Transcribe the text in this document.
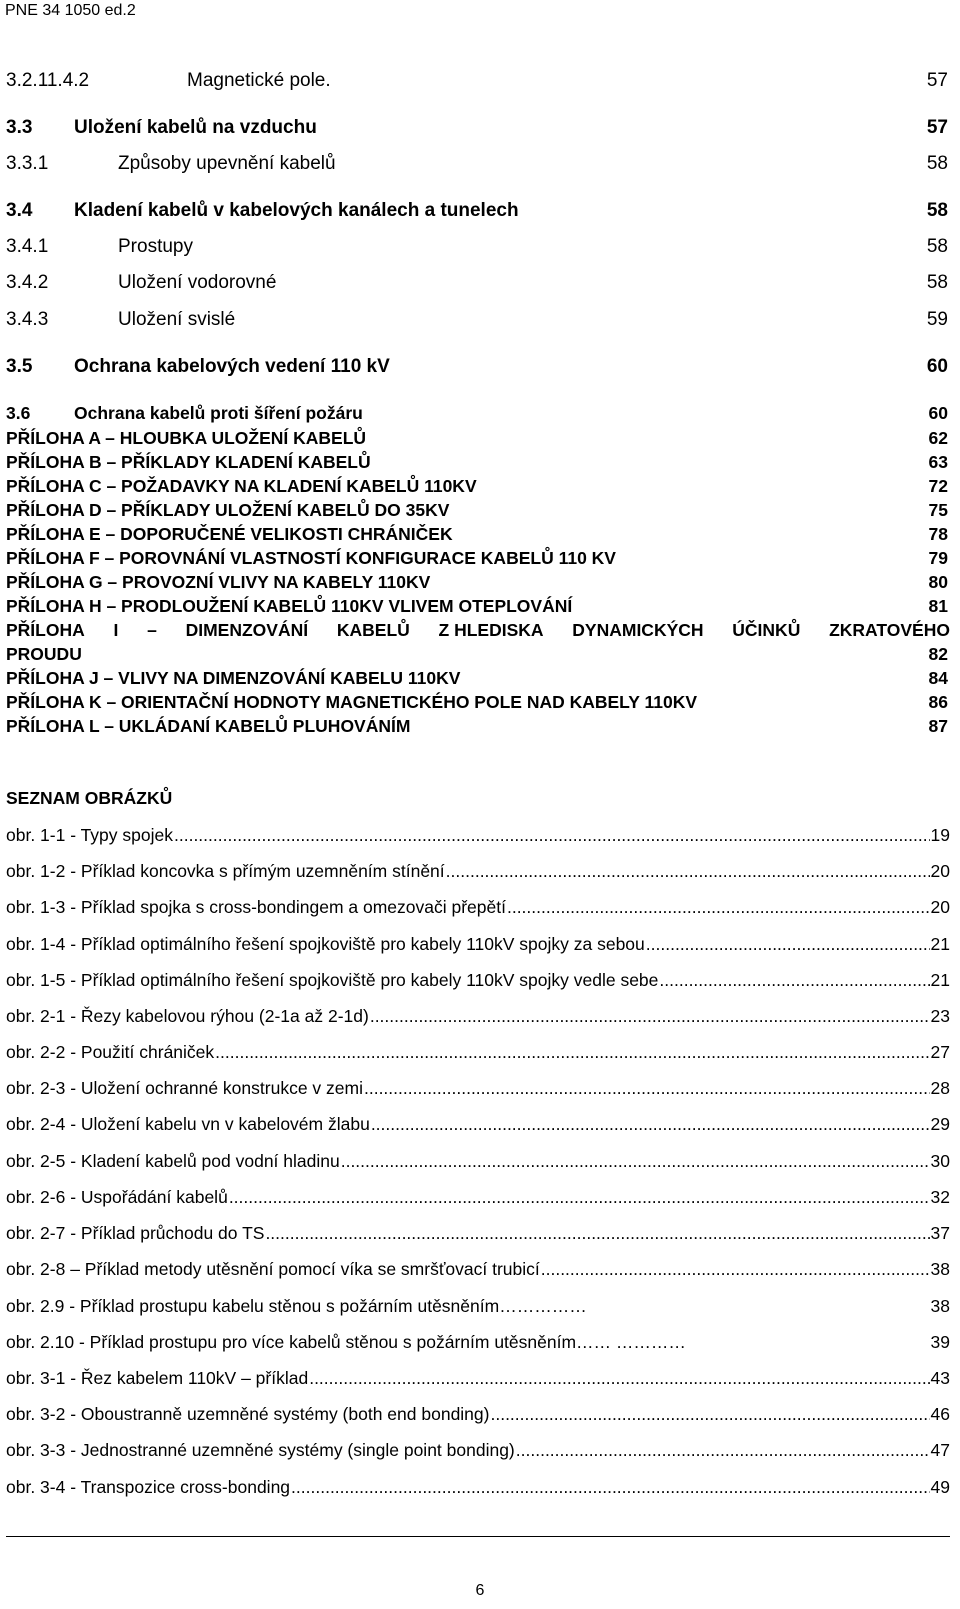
PNE 34 1050 ed.2
3.2.11.4.2	Magnetické pole.	57
3.3 Uložení kabelů na vzduchu	57
3.3.1	Způsoby upevnění kabelů	58
3.4 Kladení kabelů v kabelových kanálech a tunelech	58
3.4.1	Prostupy	58
3.4.2	Uložení vodorovné	58
3.4.3	Uložení svislé	59
3.5 Ochrana kabelových vedení 110 kV	60
3.6 Ochrana kabelů proti šíření požáru	60
PŘÍLOHA A – HLOUBKA ULOŽENÍ KABELŮ	62
PŘÍLOHA B – PŘÍKLADY KLADENÍ KABELŮ	63
PŘÍLOHA C – POŽADAVKY NA KLADENÍ KABELŮ 110KV	72
PŘÍLOHA D – PŘÍKLADY ULOŽENÍ KABELŮ DO 35KV	75
PŘÍLOHA E – DOPORUČENÉ VELIKOSTI CHRÁNIČEK	78
PŘÍLOHA F – POROVNÁNÍ VLASTNOSTÍ KONFIGURACE KABELŮ 110 KV	79
PŘÍLOHA G – PROVOZNÍ VLIVY NA KABELY 110KV	80
PŘÍLOHA H – PRODLOUŽENÍ KABELŮ 110KV VLIVEM OTEPLOVÁNÍ	81
PŘÍLOHA I – DIMENZOVÁNÍ KABELŮ Z HLEDISKA DYNAMICKÝCH ÚČINKŮ ZKRATOVÉHO
PROUDU	82
PŘÍLOHA J – VLIVY NA DIMENZOVÁNÍ KABELU 110KV	84
PŘÍLOHA K – ORIENTAČNÍ HODNOTY MAGNETICKÉHO POLE NAD KABELY 110KV	86
PŘÍLOHA L – UKLÁDANÍ KABELŮ PLUHOVÁNÍM	87
SEZNAM OBRÁZKŮ
obr. 1-1 - Typy spojek .....	19
obr. 1-2 - Příklad koncovka s přímým uzemněním stínění .....	20
obr. 1-3 - Příklad spojka s cross-bondingem a omezovači přepětí .....	20
obr. 1-4 - Příklad optimálního řešení spojkoviště pro kabely 110kV spojky za sebou .....	21
obr. 1-5 - Příklad optimálního řešení spojkoviště pro kabely 110kV spojky vedle sebe .....	21
obr. 2-1 - Řezy kabelovou rýhou (2-1a až 2-1d) .....	23
obr. 2-2 - Použití chrániček .....	27
obr. 2-3 - Uložení ochranné konstrukce v zemi .....	28
obr. 2-4 - Uložení kabelu vn v kabelovém žlabu .....	29
obr. 2-5 - Kladení kabelů pod vodní hladinu .....	30
obr. 2-6 - Uspořádání kabelů .....	32
obr. 2-7 - Příklad průchodu do TS .....	37
obr. 2-8 – Příklad metody utěsnění pomocí víka se smršťovací trubicí .....	38
obr. 2.9 - Příklad prostupu kabelu stěnou s požárním utěsněním……………	38
obr. 2.10 - Příklad prostupu pro více kabelů stěnou s požárním utěsněním…… …………	39
obr. 3-1 - Řez kabelem 110kV – příklad .....	43
obr. 3-2 - Oboustranně uzemněné systémy (both end bonding) .....	46
obr. 3-3 - Jednostranné uzemněné systémy (single point bonding) .....	47
obr. 3-4 - Transpozice cross-bonding .....	49
6
